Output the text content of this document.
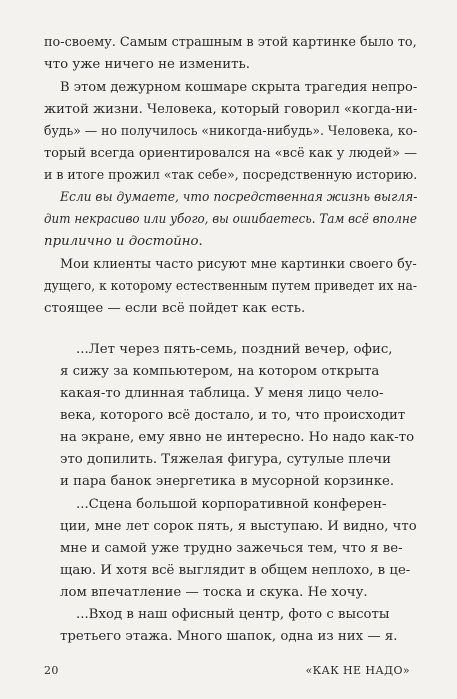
по-своему. Самым страшным в этой картинке было то,
что уже ничего не изменить.
В этом дежурном кошмаре скрыта трагедия непро-
житой жизни. Человека, который говорил «когда-ни-
будь» — но получилось «никогда-нибудь». Человека, ко-
торый всегда ориентировался на «всё как у людей» —
и в итоге прожил «так себе», посредственную историю.
Если вы думаете, что посредственная жизнь выгля-
дит некрасиво или убого, вы ошибаетесь. Там всё вполне
прилично и достойно.
Мои клиенты часто рисуют мне картинки своего бу-
дущего, к которому естественным путем приведет их на-
стоящее — если всё пойдет как есть.
...Лет через пять-семь, поздний вечер, офис,
я сижу за компьютером, на котором открыта
какая-то длинная таблица. У меня лицо чело-
века, которого всё достало, и то, что происходит
на экране, ему явно не интересно. Но надо как-то
это допилить. Тяжелая фигура, сутулые плечи
и пара банок энергетика в мусорной корзинке.
...Сцена большой корпоративной конферен-
ции, мне лет сорок пять, я выступаю. И видно, что
мне и самой уже трудно зажечься тем, что я ве-
щаю. И хотя всё выглядит в общем неплохо, в це-
лом впечатление — тоска и скука. Не хочу.
...Вход в наш офисный центр, фото с высоты
третьего этажа. Много шапок, одна из них — я.
20	«КАК НЕ НАДО»
